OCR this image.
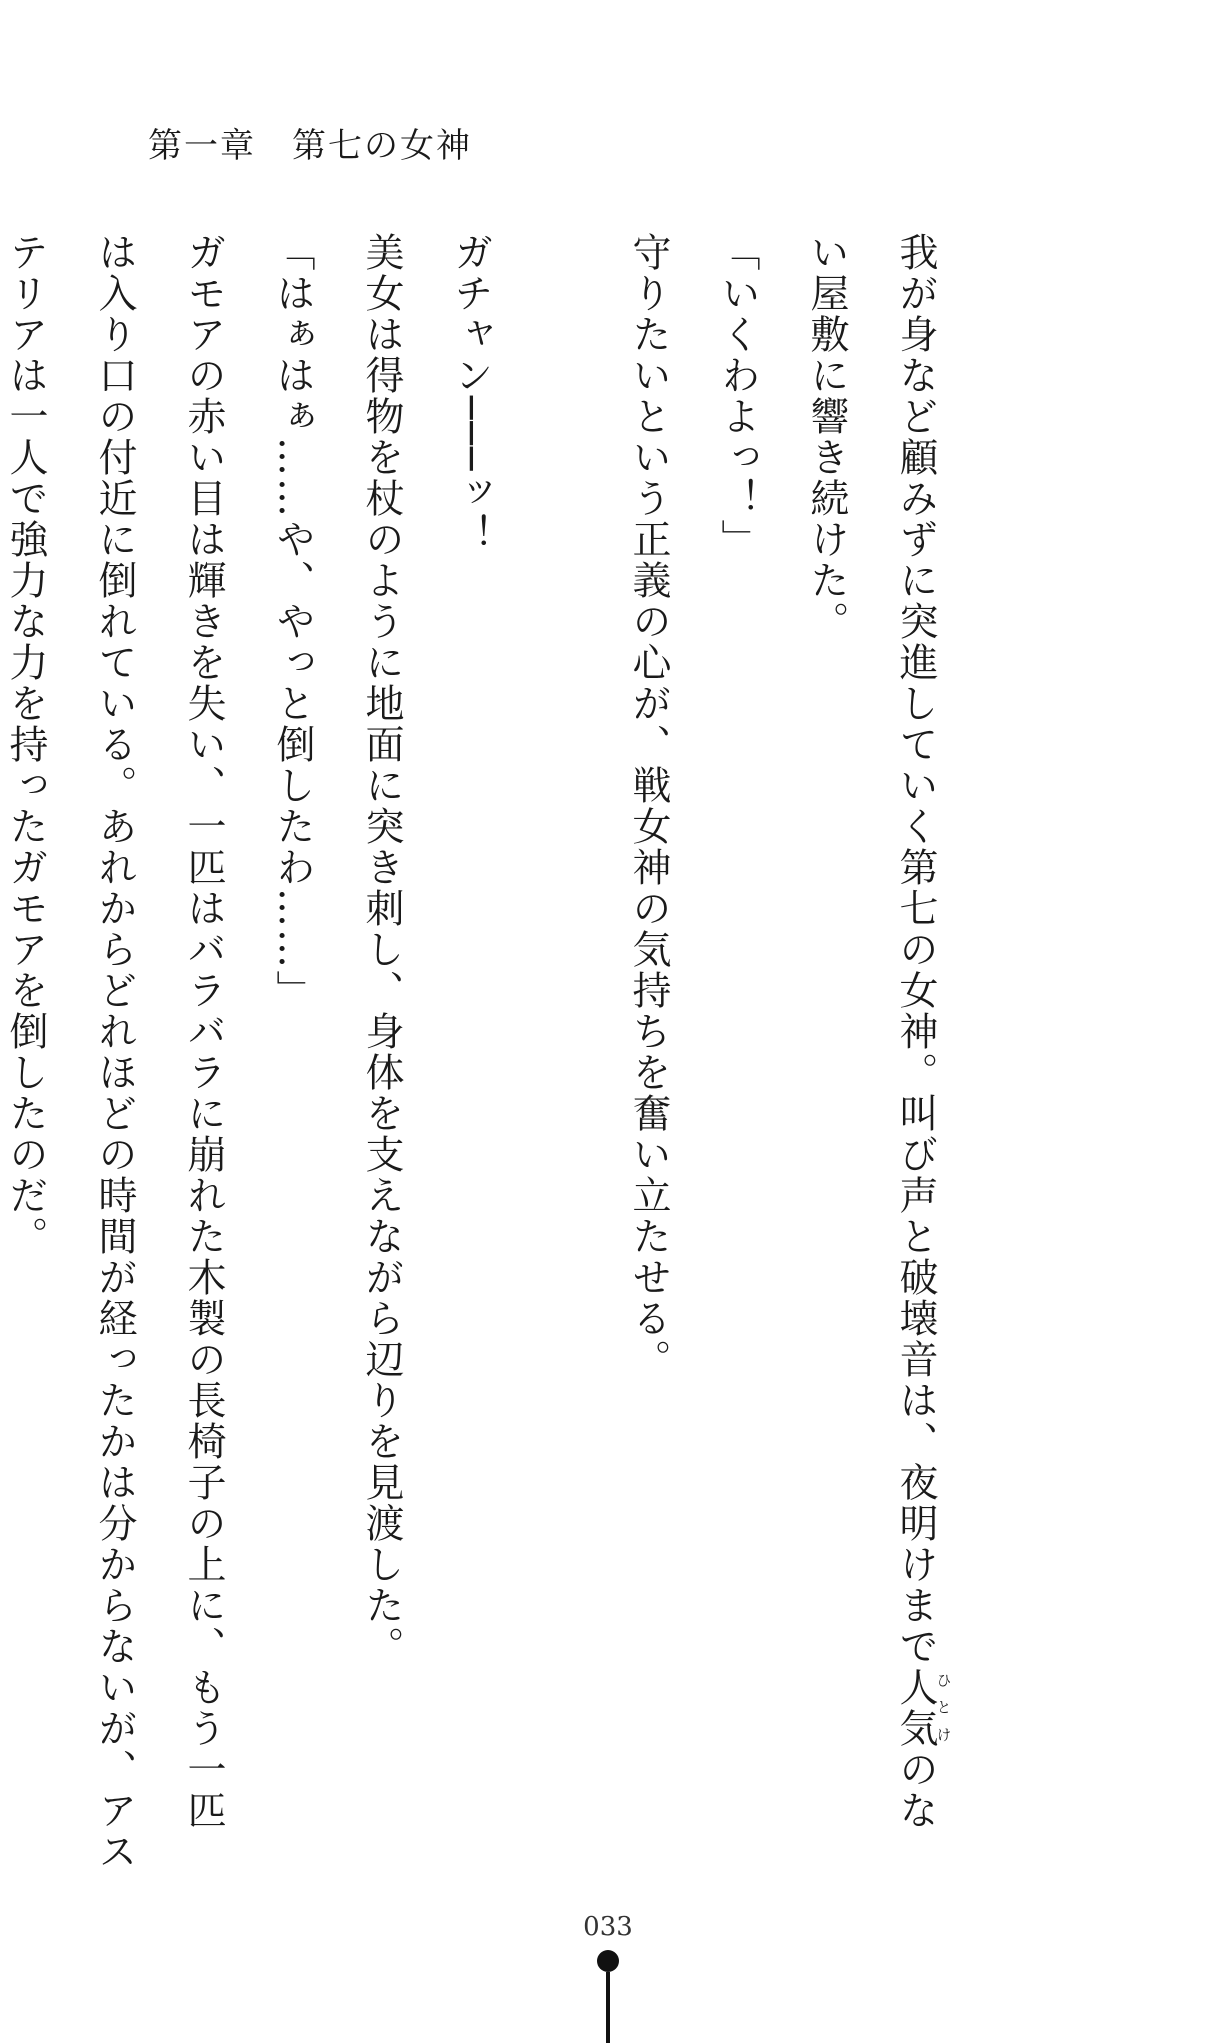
第一章　第七の女神

我が身など顧みずに突進していく第七の女神。叫び声と破壊音は、夜明けまで人気ひとけのな

い屋敷に響き続けた。

「いくわよっ！」

守りたいという正義の心が、戦女神の気持ちを奮い立たせる。

ガチャン───ッ！

美女は得物を杖のように地面に突き刺し、身体を支えながら辺りを見渡した。

「はぁはぁ……や、やっと倒したわ……」

ガモアの赤い目は輝きを失い、一匹はバラバラに崩れた木製の長椅子の上に、もう一匹

は入り口の付近に倒れている。あれからどれほどの時間が経ったかは分からないが、アス

テリアは一人で強力な力を持ったガモアを倒したのだ。

033
